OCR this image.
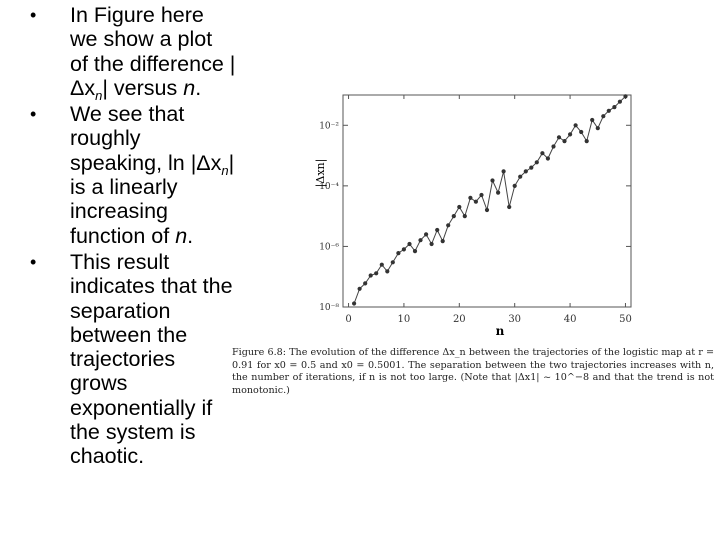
• In Figure here we show a plot of the difference $|\Delta x_n|$ versus n.
• We see that roughly speaking, $\ln |\Delta x_n|$ is a linearly increasing function of n.
• This result indicates that the separation between the trajectories grows exponentially if the system is chaotic.
0	10	20	30	40	50
10⁻²
10⁻⁴
10⁻⁶
10⁻⁸
n
|Δxn|
Figure 6.8: The evolution of the difference Δx_n between the trajectories of the logistic map at r = 0.91 for x0 = 0.5 and x0 = 0.5001. The separation between the two trajectories increases with n, the number of iterations, if n is not too large. (Note that |Δx1| ~ 10^−8 and that the trend is not monotonic.)
